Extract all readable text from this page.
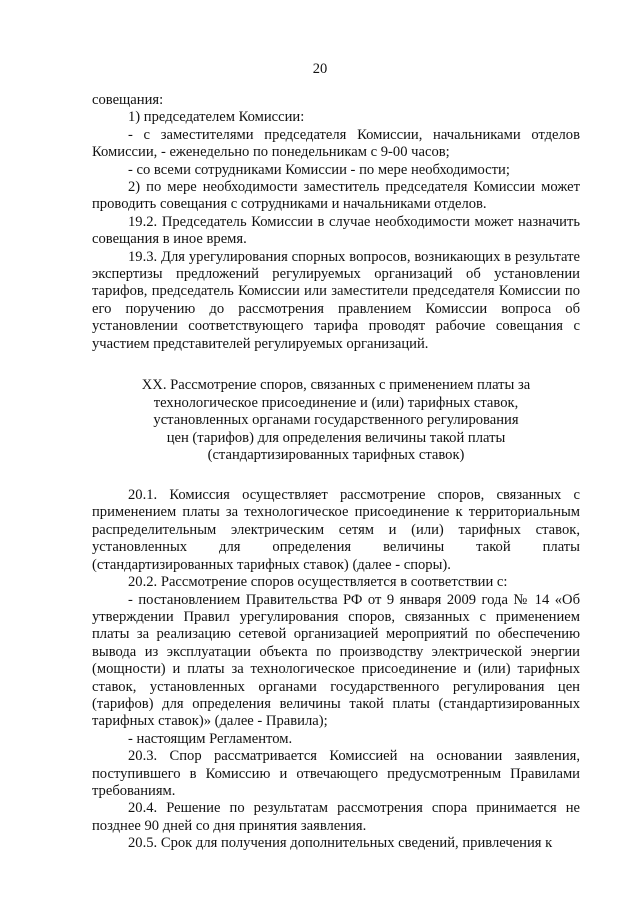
20

совещания:

1) председателем Комиссии:

- с заместителями председателя Комиссии, начальниками отделов Комиссии, - еженедельно по понедельникам с 9-00 часов;

- со всеми сотрудниками Комиссии - по мере необходимости;

2) по мере необходимости заместитель председателя Комиссии может проводить совещания с сотрудниками и начальниками отделов.

19.2. Председатель Комиссии в случае необходимости может назначить совещания в иное время.

19.3. Для урегулирования спорных вопросов, возникающих в результате экспертизы предложений регулируемых организаций об установлении тарифов, председатель Комиссии или заместители председателя Комиссии по его поручению до рассмотрения правлением Комиссии вопроса об установлении соответствующего тарифа проводят рабочие совещания с участием представителей регулируемых организаций.

XX. Рассмотрение споров, связанных с применением платы за
технологическое присоединение и (или) тарифных ставок,
установленных органами государственного регулирования
цен (тарифов) для определения величины такой платы
(стандартизированных тарифных ставок)

20.1. Комиссия осуществляет рассмотрение споров, связанных с применением платы за технологическое присоединение к территориальным распределительным электрическим сетям и (или) тарифных ставок, установленных для определения величины такой платы (стандартизированных тарифных ставок) (далее - споры).

20.2. Рассмотрение споров осуществляется в соответствии с:

- постановлением Правительства РФ от 9 января 2009 года № 14 «Об утверждении Правил урегулирования споров, связанных с применением платы за реализацию сетевой организацией мероприятий по обеспечению вывода из эксплуатации объекта по производству электрической энергии (мощности) и платы за технологическое присоединение и (или) тарифных ставок, установленных органами государственного регулирования цен (тарифов) для определения величины такой платы (стандартизированных тарифных ставок)» (далее - Правила);

- настоящим Регламентом.

20.3. Спор рассматривается Комиссией на основании заявления, поступившего в Комиссию и отвечающего предусмотренным Правилами требованиям.

20.4. Решение по результатам рассмотрения спора принимается не позднее 90 дней со дня принятия заявления.

20.5. Срок для получения дополнительных сведений, привлечения к
